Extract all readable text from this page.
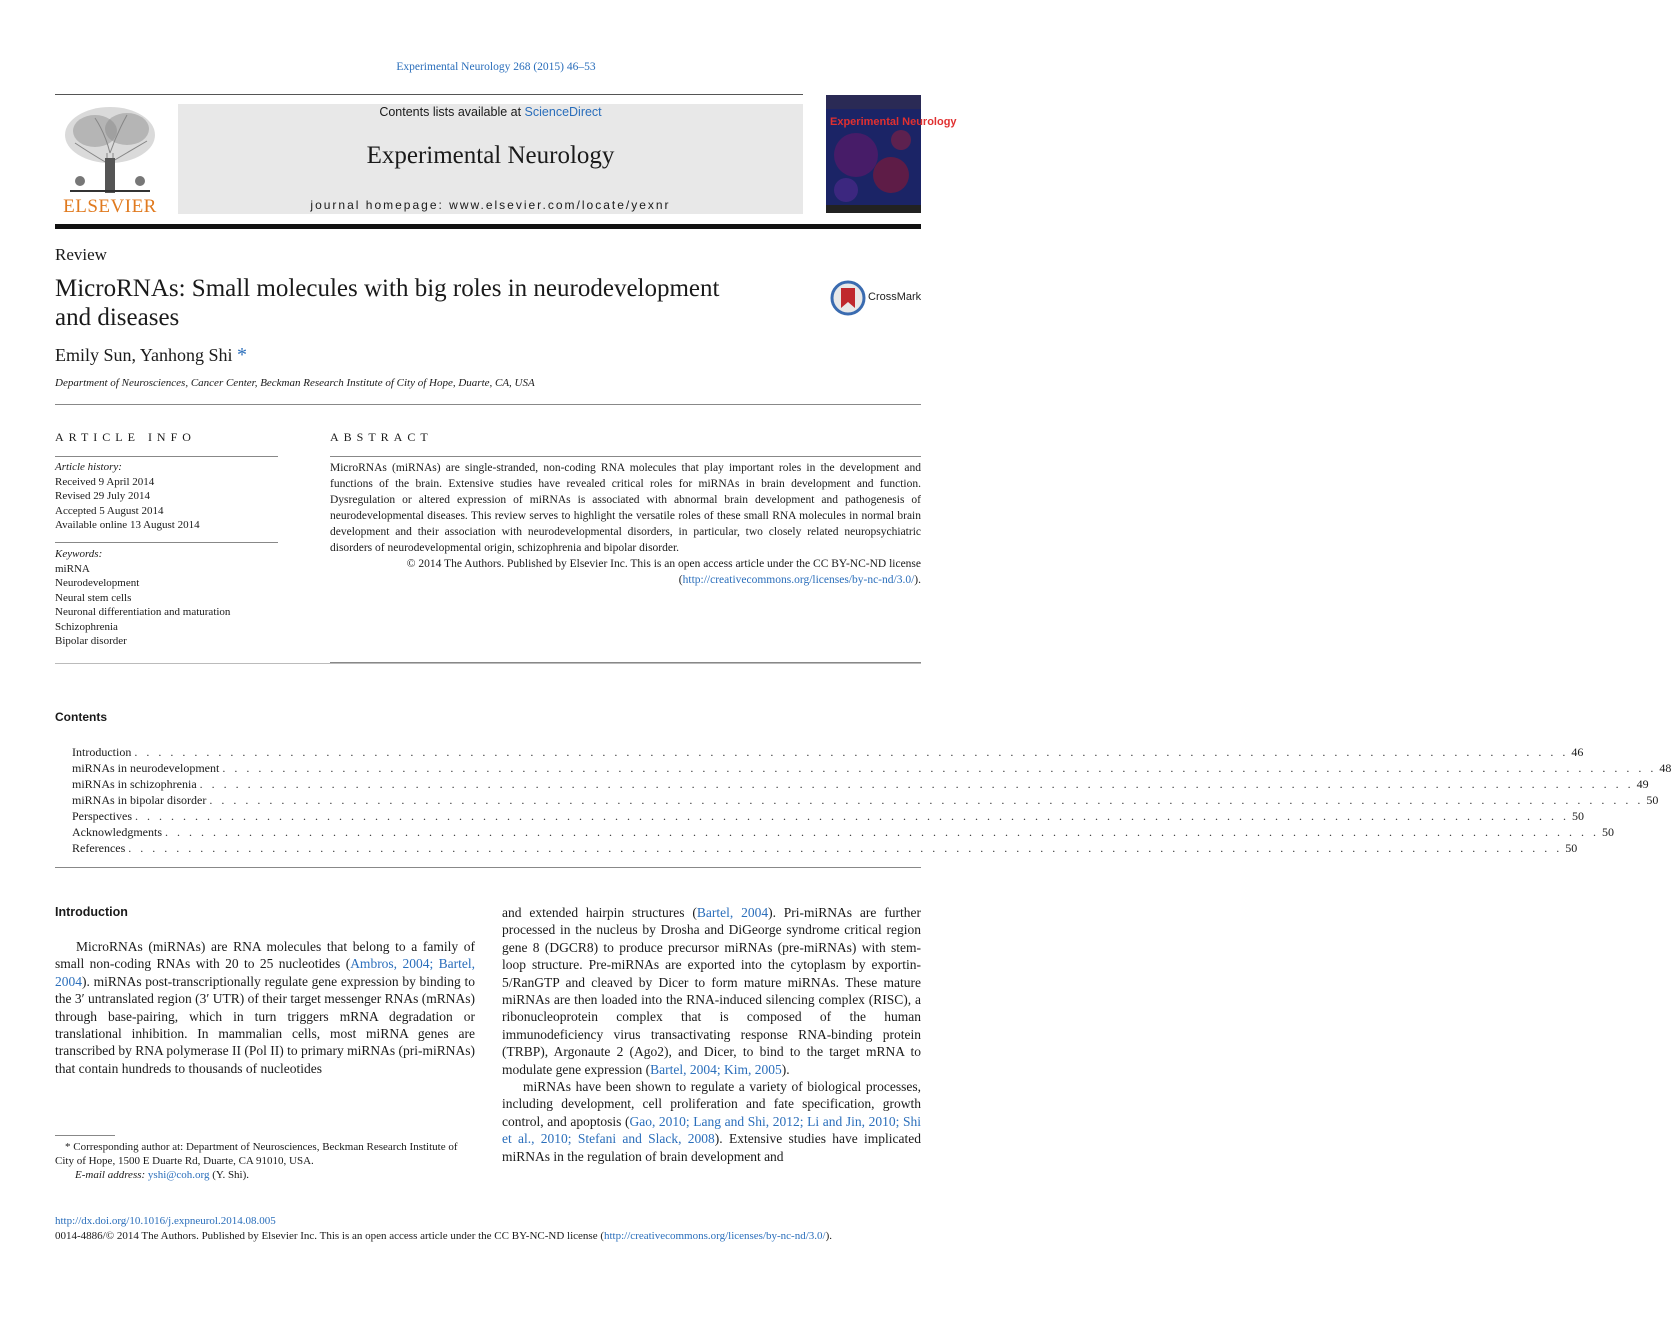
Experimental Neurology 268 (2015) 46–53
ELSEVIER
Contents lists available at ScienceDirect
Experimental Neurology
journal homepage: www.elsevier.com/locate/yexnr
Experimental Neurology
Review
MicroRNAs: Small molecules with big roles in neurodevelopment and diseases
CrossMark
Emily Sun, Yanhong Shi *
Department of Neurosciences, Cancer Center, Beckman Research Institute of City of Hope, Duarte, CA, USA
ARTICLE INFO
Article history:
Received 9 April 2014
Revised 29 July 2014
Accepted 5 August 2014
Available online 13 August 2014
Keywords:
miRNA
Neurodevelopment
Neural stem cells
Neuronal differentiation and maturation
Schizophrenia
Bipolar disorder
ABSTRACT

MicroRNAs (miRNAs) are single-stranded, non-coding RNA molecules that play important roles in the development and functions of the brain. Extensive studies have revealed critical roles for miRNAs in brain development and function. Dysregulation or altered expression of miRNAs is associated with abnormal brain development and pathogenesis of neurodevelopmental diseases. This review serves to highlight the versatile roles of these small RNA molecules in normal brain development and their association with neurodevelopmental disorders, in particular, two closely related neuropsychiatric disorders of neurodevelopmental origin, schizophrenia and bipolar disorder.

© 2014 The Authors. Published by Elsevier Inc. This is an open access article under the CC BY-NC-ND license
(http://creativecommons.org/licenses/by-nc-nd/3.0/).

Contents
Introduction . . . . . . . . . . . . . . . . . . . . . . . . . . . . . . . . . . . . . . . . . . . . . . . . . . . . . . . . . . . . . . . . . . . . . . . . . . . . . . . . . . . . . . . . . . . . . . . . . . . . . . . . . . . . . . . . . . . . . . . . 46
miRNAs in neurodevelopment . . . . . . . . . . . . . . . . . . . . . . . . . . . . . . . . . . . . . . . . . . . . . . . . . . . . . . . . . . . . . . . . . . . . . . . . . . . . . . . . . . . . . . . . . . . . . . . . . . . . . . . . . . . . . . . . . . . . . . . . 48
miRNAs in schizophrenia . . . . . . . . . . . . . . . . . . . . . . . . . . . . . . . . . . . . . . . . . . . . . . . . . . . . . . . . . . . . . . . . . . . . . . . . . . . . . . . . . . . . . . . . . . . . . . . . . . . . . . . . . . . . . . . . . . . . . . . . 49
miRNAs in bipolar disorder . . . . . . . . . . . . . . . . . . . . . . . . . . . . . . . . . . . . . . . . . . . . . . . . . . . . . . . . . . . . . . . . . . . . . . . . . . . . . . . . . . . . . . . . . . . . . . . . . . . . . . . . . . . . . . . . . . . . . . . . 50
Perspectives . . . . . . . . . . . . . . . . . . . . . . . . . . . . . . . . . . . . . . . . . . . . . . . . . . . . . . . . . . . . . . . . . . . . . . . . . . . . . . . . . . . . . . . . . . . . . . . . . . . . . . . . . . . . . . . . . . . . . . . . 50
Acknowledgments . . . . . . . . . . . . . . . . . . . . . . . . . . . . . . . . . . . . . . . . . . . . . . . . . . . . . . . . . . . . . . . . . . . . . . . . . . . . . . . . . . . . . . . . . . . . . . . . . . . . . . . . . . . . . . . . . . . . . . . . 50
References . . . . . . . . . . . . . . . . . . . . . . . . . . . . . . . . . . . . . . . . . . . . . . . . . . . . . . . . . . . . . . . . . . . . . . . . . . . . . . . . . . . . . . . . . . . . . . . . . . . . . . . . . . . . . . . . . . . . . . . . 50
Introduction
MicroRNAs (miRNAs) are RNA molecules that belong to a family of small non-coding RNAs with 20 to 25 nucleotides (Ambros, 2004; Bartel, 2004). miRNAs post-transcriptionally regulate gene expression by binding to the 3′ untranslated region (3′ UTR) of their target messenger RNAs (mRNAs) through base-pairing, which in turn triggers mRNA degradation or translational inhibition. In mammalian cells, most miRNA genes are transcribed by RNA polymerase II (Pol II) to primary miRNAs (pri-miRNAs) that contain hundreds to thousands of nucleotides

and extended hairpin structures (Bartel, 2004). Pri-miRNAs are further processed in the nucleus by Drosha and DiGeorge syndrome critical region gene 8 (DGCR8) to produce precursor miRNAs (pre-miRNAs) with stem-loop structure. Pre-miRNAs are exported into the cytoplasm by exportin-5/RanGTP and cleaved by Dicer to form mature miRNAs. These mature miRNAs are then loaded into the RNA-induced silencing complex (RISC), a ribonucleoprotein complex that is composed of the human immunodeficiency virus transactivating response RNA-binding protein (TRBP), Argonaute 2 (Ago2), and Dicer, to bind to the target mRNA to modulate gene expression (Bartel, 2004; Kim, 2005).

miRNAs have been shown to regulate a variety of biological processes, including development, cell proliferation and fate specification, growth control, and apoptosis (Gao, 2010; Lang and Shi, 2012; Li and Jin, 2010; Shi et al., 2010; Stefani and Slack, 2008). Extensive studies have implicated miRNAs in the regulation of brain development and

* Corresponding author at: Department of Neurosciences, Beckman Research Institute of City of Hope, 1500 E Duarte Rd, Duarte, CA 91010, USA.
E-mail address: yshi@coh.org (Y. Shi).
http://dx.doi.org/10.1016/j.expneurol.2014.08.005
0014-4886/© 2014 The Authors. Published by Elsevier Inc. This is an open access article under the CC BY-NC-ND license (http://creativecommons.org/licenses/by-nc-nd/3.0/).
